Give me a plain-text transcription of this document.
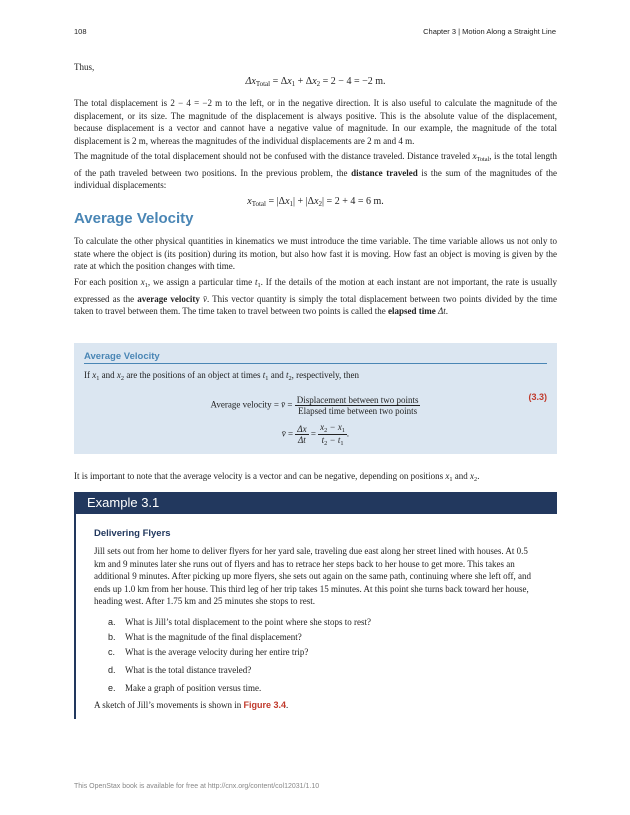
108	Chapter 3 | Motion Along a Straight Line

Thus,

$\Delta x_{Total} = \Delta x_1 + \Delta x_2 = 2 - 4 = -2$ m.

The total displacement is 2 − 4 = −2 m to the left, or in the negative direction. It is also useful to calculate the magnitude of the displacement, or its size. The magnitude of the displacement is always positive. This is the absolute value of the displacement, because displacement is a vector and cannot have a negative value of magnitude. In our example, the magnitude of the total displacement is 2 m, whereas the magnitudes of the individual displacements are 2 m and 4 m.

The magnitude of the total displacement should not be confused with the distance traveled. Distance traveled $x_{Total}$, is the total length of the path traveled between two positions. In the previous problem, the distance traveled is the sum of the magnitudes of the individual displacements:

$x_{Total} = |\Delta x_1| + |\Delta x_2| = 2 + 4 = 6$ m.
Average Velocity

To calculate the other physical quantities in kinematics we must introduce the time variable. The time variable allows us not only to state where the object is (its position) during its motion, but also how fast it is moving. How fast an object is moving is given by the rate at which the position changes with time.

For each position $x_1$, we assign a particular time $t_1$. If the details of the motion at each instant are not important, the rate is usually expressed as the average velocity v̄. This vector quantity is simply the total displacement between two points divided by the time taken to travel between them. The time taken to travel between two points is called the elapsed time Δt.

Average Velocity
If $x_1$ and $x_2$ are the positions of an object at times $t_1$ and $t_2$, respectively, then
Average velocity = v̄ = $\frac{\text{Displacement between two points}}{\text{Elapsed time between two points}}$
v̄ = $\frac{\Delta x}{\Delta t} = \frac{x_2 - x_1}{t_2 - t_1}$ .
(3.3)

It is important to note that the average velocity is a vector and can be negative, depending on positions $x_1$ and $x_2$.

Example 3.1
Delivering Flyers

Jill sets out from her home to deliver flyers for her yard sale, traveling due east along her street lined with houses. At 0.5 km and 9 minutes later she runs out of flyers and has to retrace her steps back to her house to get more. This takes an additional 9 minutes. After picking up more flyers, she sets out again on the same path, continuing where she left off, and ends up 1.0 km from her house. This third leg of her trip takes 15 minutes. At this point she turns back toward her house, heading west. After 1.75 km and 25 minutes she stops to rest.

a. What is Jill’s total displacement to the point where she stops to rest?
b. What is the magnitude of the final displacement?
c. What is the average velocity during her entire trip?
d. What is the total distance traveled?
e. Make a graph of position versus time.

A sketch of Jill’s movements is shown in Figure 3.4.

This OpenStax book is available for free at http://cnx.org/content/col12031/1.10
